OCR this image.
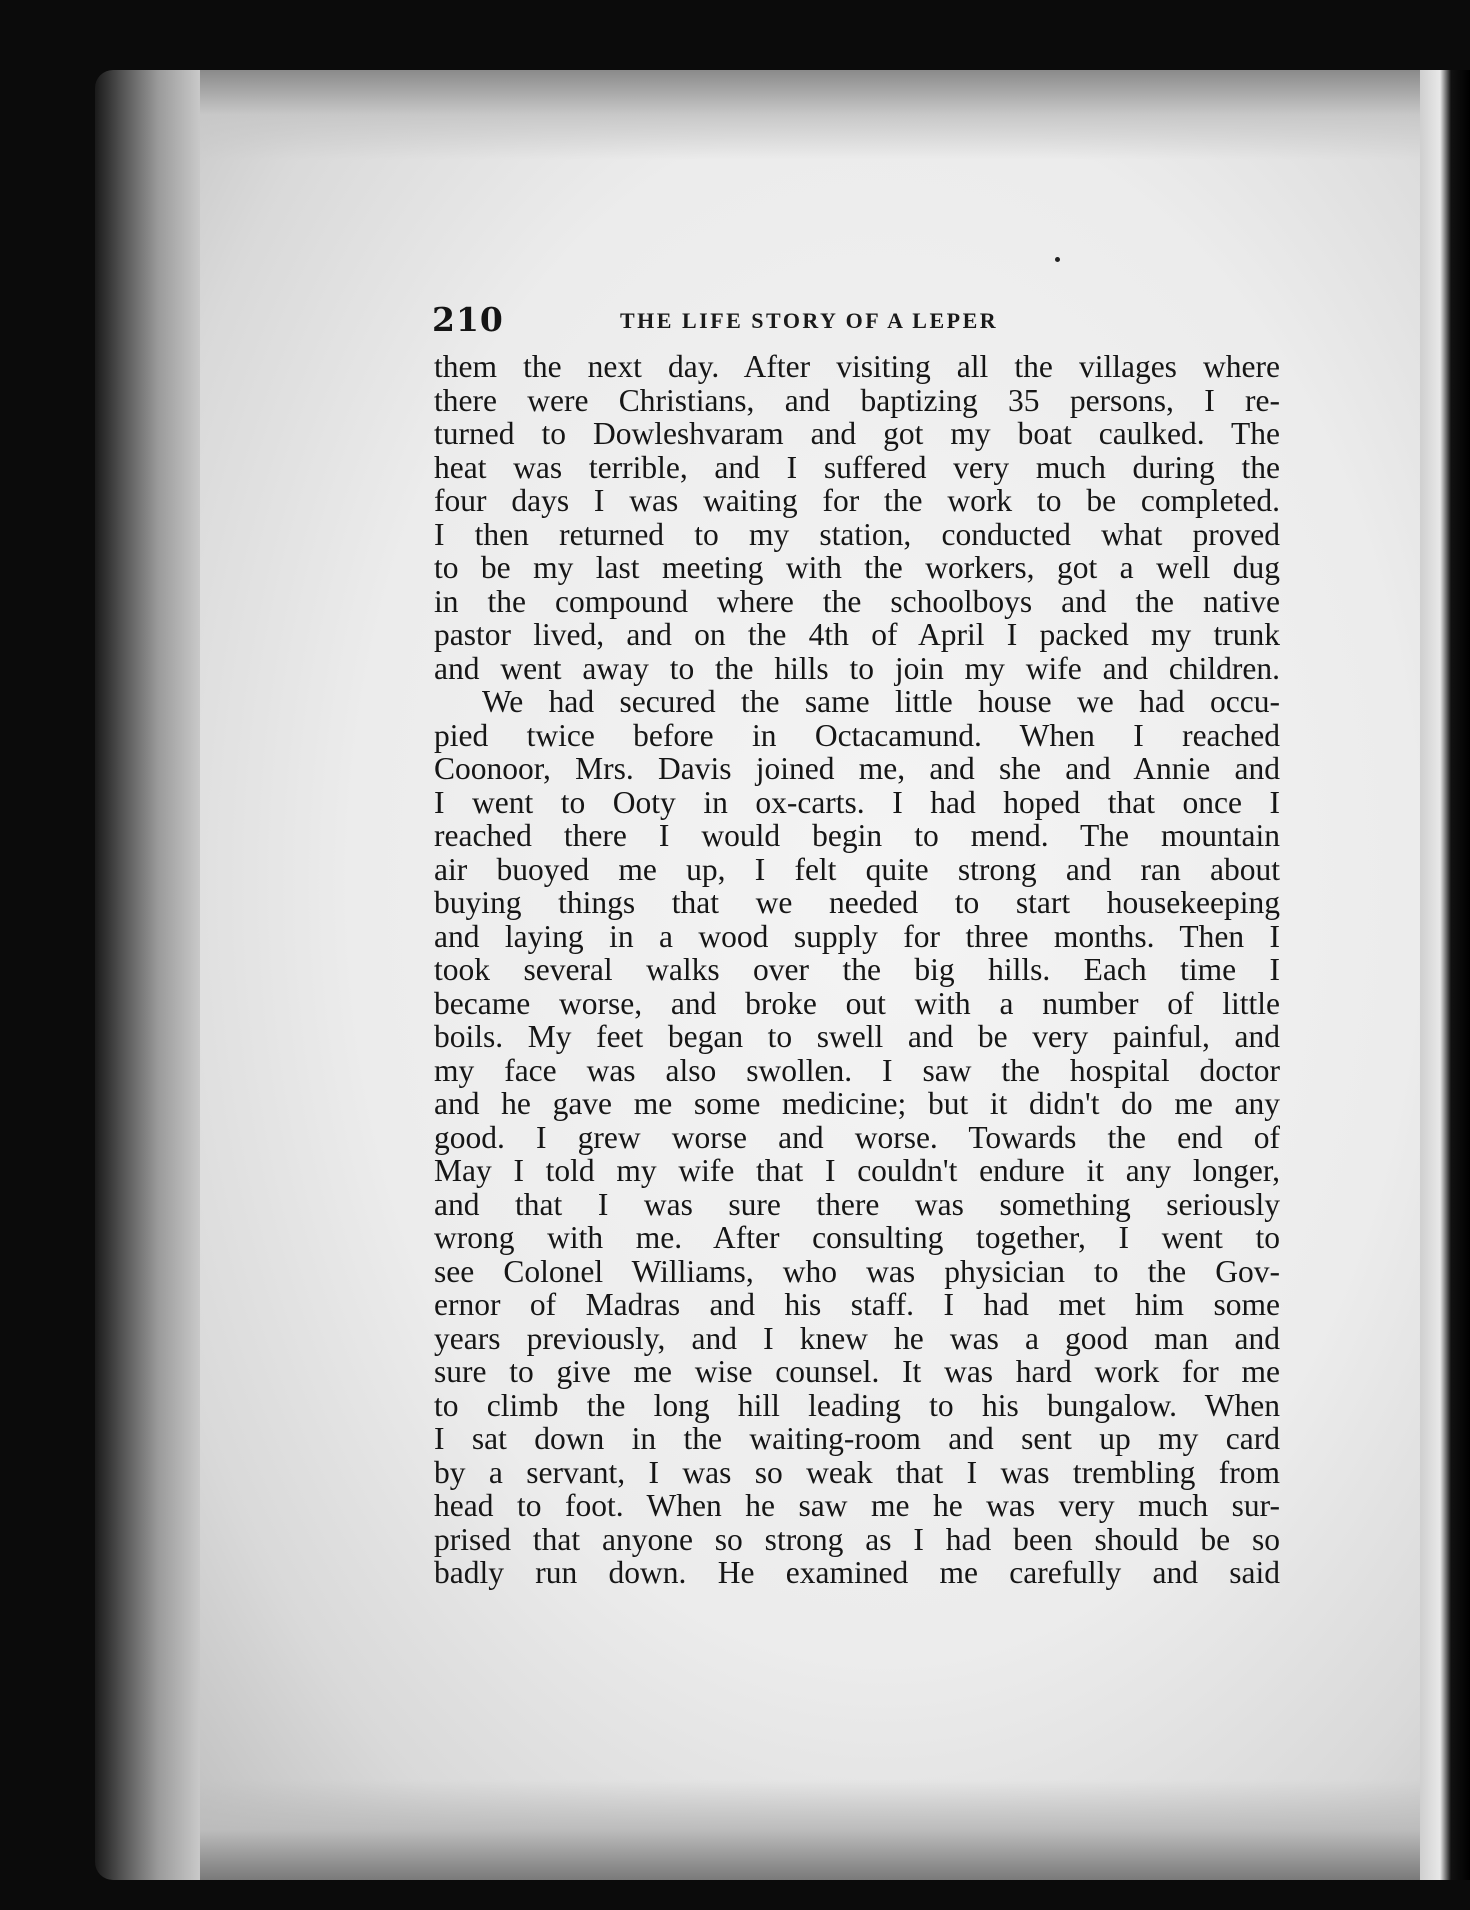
210	THE LIFE STORY OF A LEPER
them the next day. After visiting all the villages where
there were Christians, and baptizing 35 persons, I re-
turned to Dowleshvaram and got my boat caulked. The
heat was terrible, and I suffered very much during the
four days I was waiting for the work to be completed.
I then returned to my station, conducted what proved
to be my last meeting with the workers, got a well dug
in the compound where the schoolboys and the native
pastor lived, and on the 4th of April I packed my trunk
and went away to the hills to join my wife and children.
We had secured the same little house we had occu-
pied twice before in Octacamund. When I reached
Coonoor, Mrs. Davis joined me, and she and Annie and
I went to Ooty in ox-carts. I had hoped that once I
reached there I would begin to mend. The mountain
air buoyed me up, I felt quite strong and ran about
buying things that we needed to start housekeeping
and laying in a wood supply for three months. Then I
took several walks over the big hills. Each time I
became worse, and broke out with a number of little
boils. My feet began to swell and be very painful, and
my face was also swollen. I saw the hospital doctor
and he gave me some medicine; but it didn't do me any
good. I grew worse and worse. Towards the end of
May I told my wife that I couldn't endure it any longer,
and that I was sure there was something seriously
wrong with me. After consulting together, I went to
see Colonel Williams, who was physician to the Gov-
ernor of Madras and his staff. I had met him some
years previously, and I knew he was a good man and
sure to give me wise counsel. It was hard work for me
to climb the long hill leading to his bungalow. When
I sat down in the waiting-room and sent up my card
by a servant, I was so weak that I was trembling from
head to foot. When he saw me he was very much sur-
prised that anyone so strong as I had been should be so
badly run down. He examined me carefully and said
